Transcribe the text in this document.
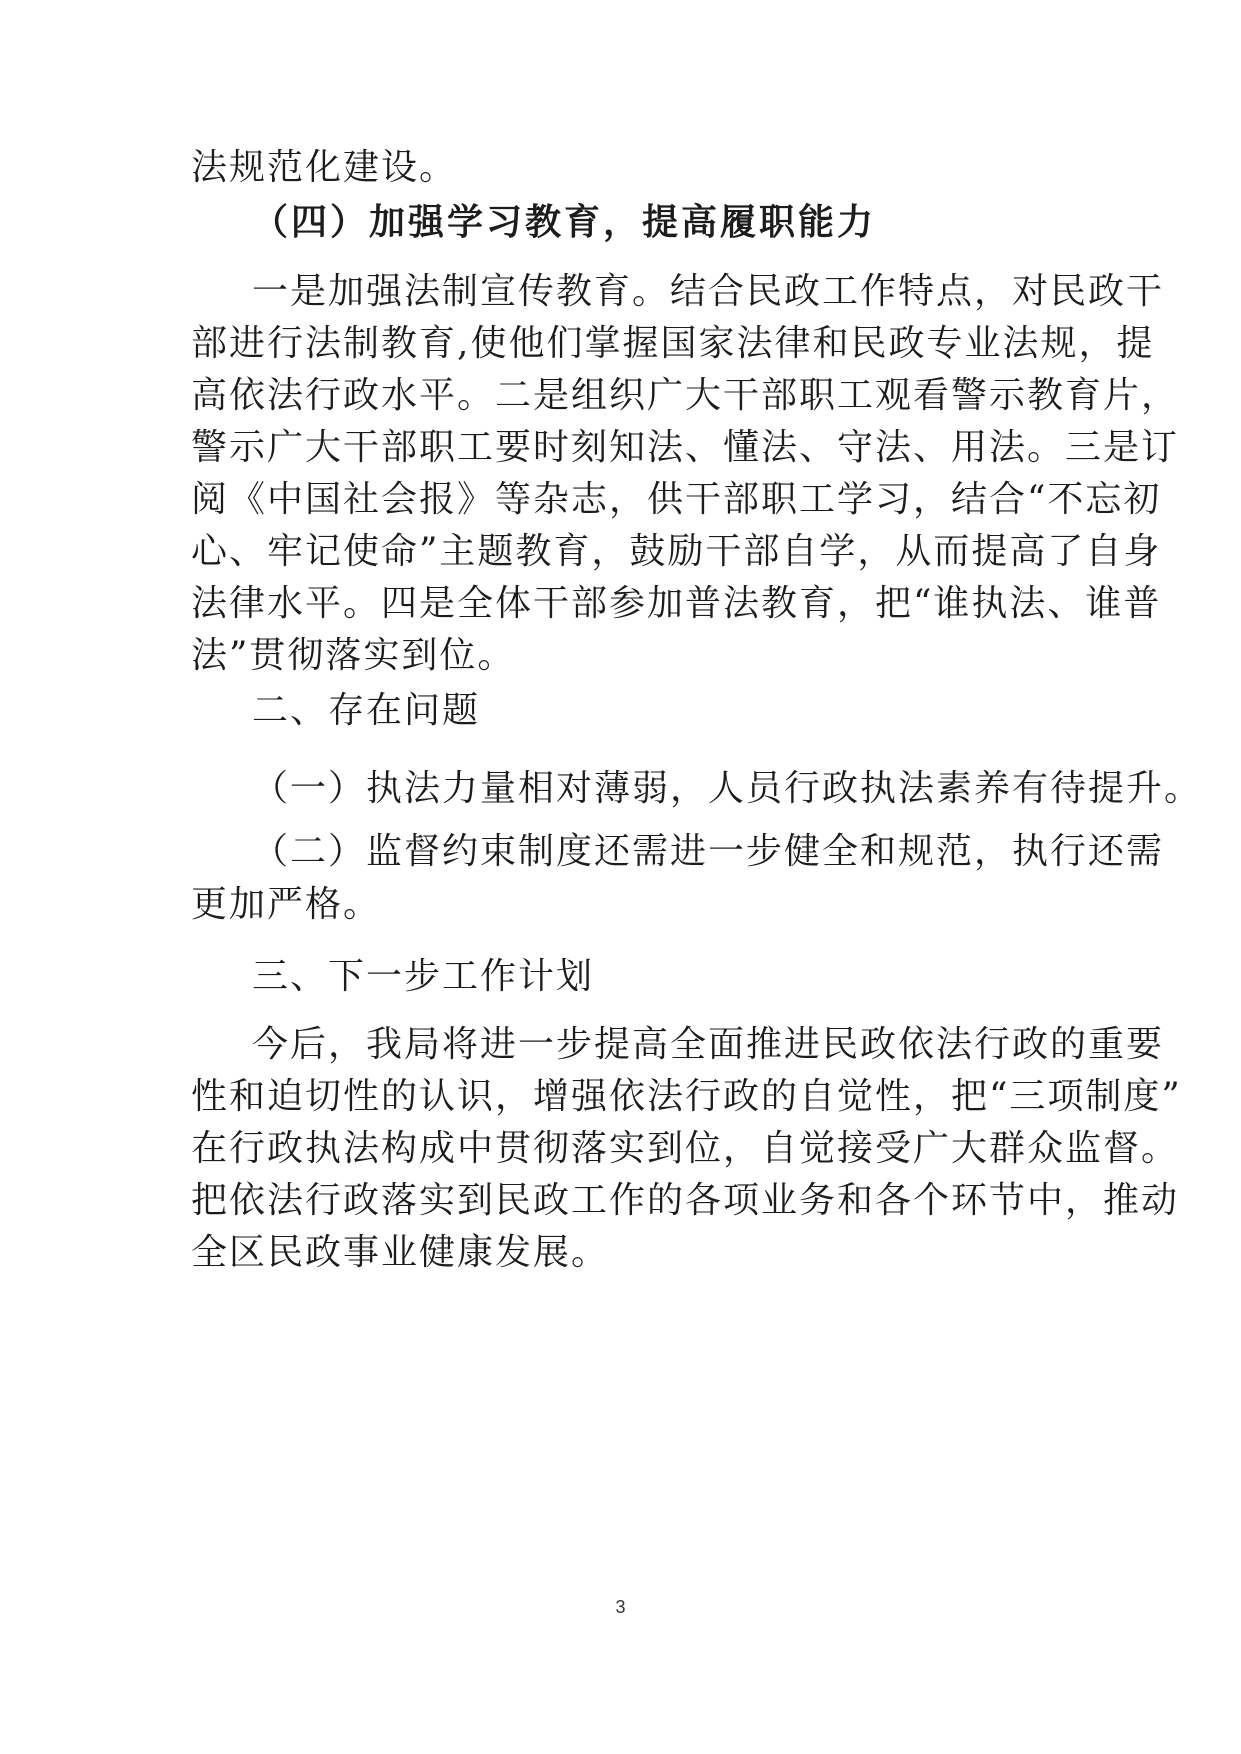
法规范化建设。
（四）加强学习教育，提高履职能力
一是加强法制宣传教育。结合民政工作特点，对民政干
部进行法制教育,使他们掌握国家法律和民政专业法规，提
高依法行政水平。二是组织广大干部职工观看警示教育片，
警示广大干部职工要时刻知法、懂法、守法、用法。三是订
阅《中国社会报》等杂志，供干部职工学习，结合“不忘初
心、牢记使命”主题教育，鼓励干部自学，从而提高了自身
法律水平。四是全体干部参加普法教育，把“谁执法、谁普
法”贯彻落实到位。
二、存在问题
（一）执法力量相对薄弱，人员行政执法素养有待提升。
（二）监督约束制度还需进一步健全和规范，执行还需
更加严格。
三、下一步工作计划
今后，我局将进一步提高全面推进民政依法行政的重要
性和迫切性的认识，增强依法行政的自觉性，把“三项制度”
在行政执法构成中贯彻落实到位，自觉接受广大群众监督。
把依法行政落实到民政工作的各项业务和各个环节中，推动
全区民政事业健康发展。
3
